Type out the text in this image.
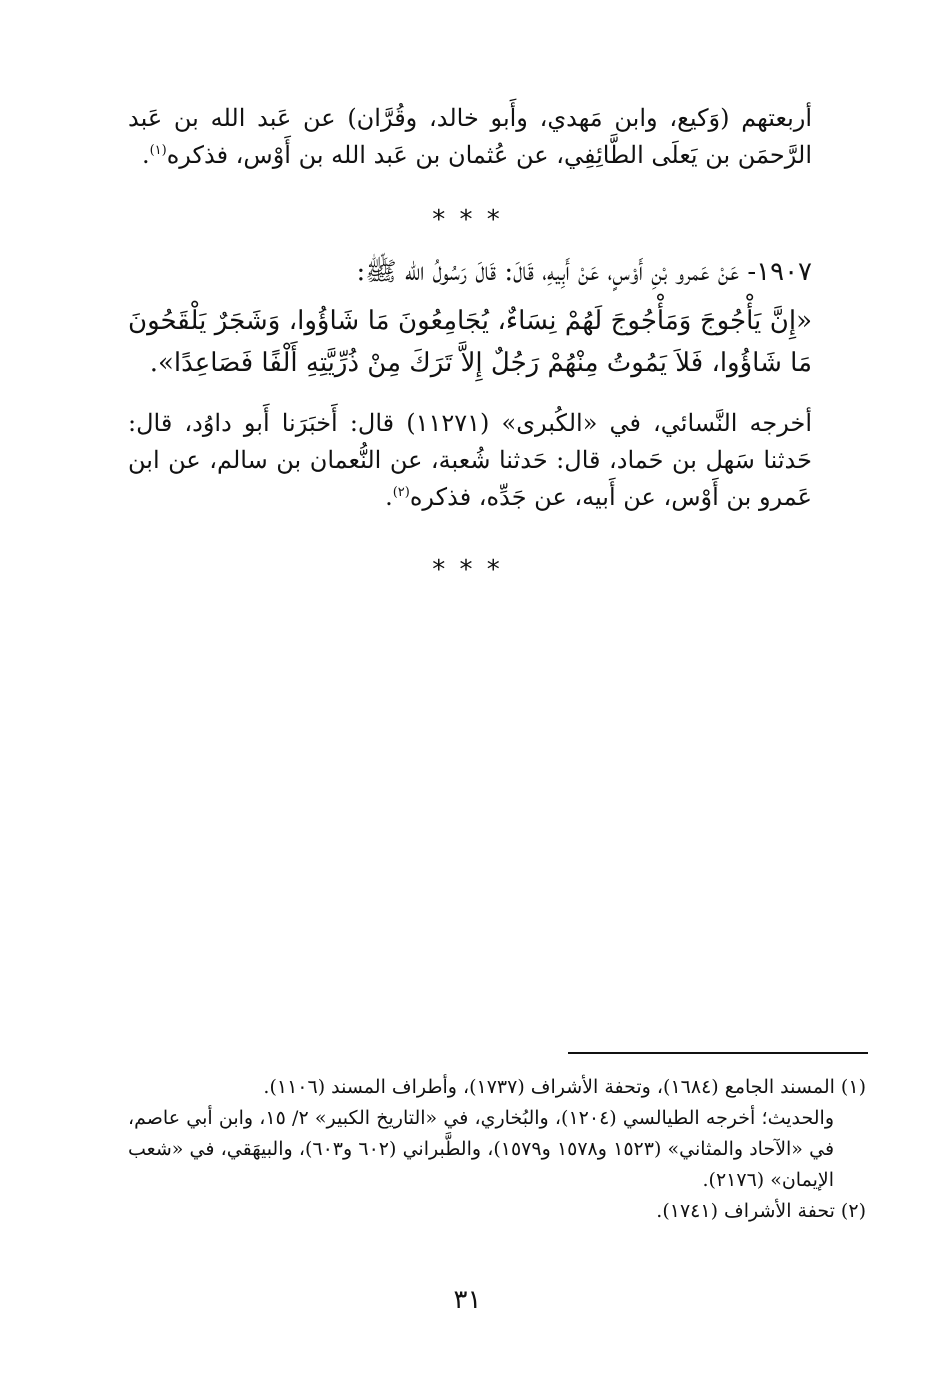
أربعتهم (وَكيع، وابن مَهدي، وأَبو خالد، وقُرَّان) عن عَبد الله بن عَبد الرَّحمَن بن يَعلَى الطَّائِفِي، عن عُثمان بن عَبد الله بن أَوْس، فذكره$^{(١)}$.

* * *

١٩٠٧- عَنْ عَمرو بْنِ أَوْسٍ، عَنْ أَبِيهِ، قَالَ: قَالَ رَسُولُ الله ﷺ:

«إِنَّ يَأْجُوجَ وَمَأْجُوجَ لَهُمْ نِسَاءٌ، يُجَامِعُونَ مَا شَاؤُوا، وَشَجَرٌ يَلْقَحُونَ مَا شَاؤُوا، فَلاَ يَمُوتُ مِنْهُمْ رَجُلٌ إِلاَّ تَرَكَ مِنْ ذُرِّيَّتِهِ أَلْفًا فَصَاعِدًا».

أخرجه النَّسائي، في «الكُبرى» (١١٢٧١) قال: أَخبَرَنا أَبو داوُد، قال: حَدثنا سَهل بن حَماد، قال: حَدثنا شُعبة، عن النُّعمان بن سالم، عن ابن عَمرو بن أَوْس، عن أَبيه، عن جَدِّه، فذكره$^{(٢)}$.

* * *

(١) المسند الجامع (١٦٨٤)، وتحفة الأشراف (١٧٣٧)، وأطراف المسند (١١٠٦).

والحديث؛ أخرجه الطيالسي (١٢٠٤)، والبُخاري، في «التاريخ الكبير» ٢/ ١٥، وابن أبي عاصم، في «الآحاد والمثاني» (١٥٢٣ و١٥٧٨ و١٥٧٩)، والطَّبراني (٦٠٢ و٦٠٣)، والبيهَقي، في «شعب الإيمان» (٢١٧٦).

(٢) تحفة الأشراف (١٧٤١).

٣١
